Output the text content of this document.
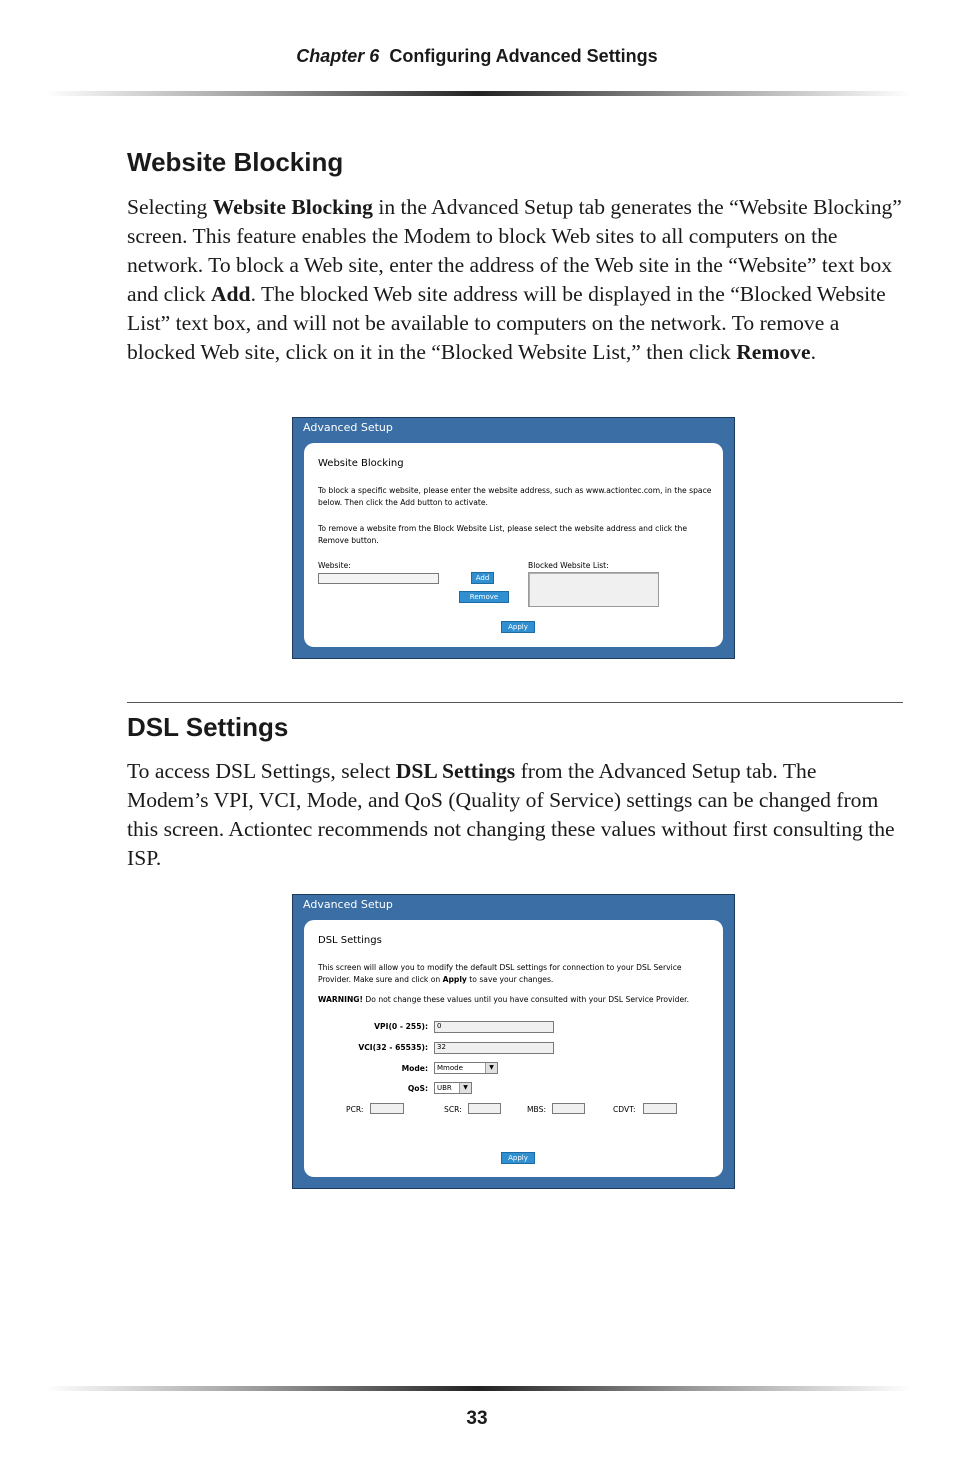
Chapter 6 Configuring Advanced Settings
Website Blocking

Selecting Website Blocking in the Advanced Setup tab generates the “Website Blocking” screen. This feature enables the Modem to block Web sites to all computers on the network. To block a Web site, enter the address of the Web site in the “Website” text box and click Add. The blocked Web site address will be displayed in the “Blocked Website List” text box, and will not be available to computers on the network. To remove a blocked Web site, click on it in the “Blocked Website List,” then click Remove.

Advanced Setup
Website Blocking
To block a specific website, please enter the website address, such as www.actiontec.com, in the space below. Then click the Add button to activate.
To remove a website from the Block Website List, please select the website address and click the Remove button.
Website:
Add
Remove
Blocked Website List:
Apply
DSL Settings

To access DSL Settings, select DSL Settings from the Advanced Setup tab. The Modem’s VPI, VCI, Mode, and QoS (Quality of Service) settings can be changed from this screen. Actiontec recommends not changing these values without first consulting the ISP.

Advanced Setup
DSL Settings
This screen will allow you to modify the default DSL settings for connection to your DSL Service Provider. Make sure and click on Apply to save your changes.
WARNING! Do not change these values until you have consulted with your DSL Service Provider.
VPI(0 - 255):	0
VCI(32 - 65535):	32
Mode:	Mmode	▼
QoS:	UBR	▼
PCR:	SCR:	MBS:	CDVT:
Apply
33
